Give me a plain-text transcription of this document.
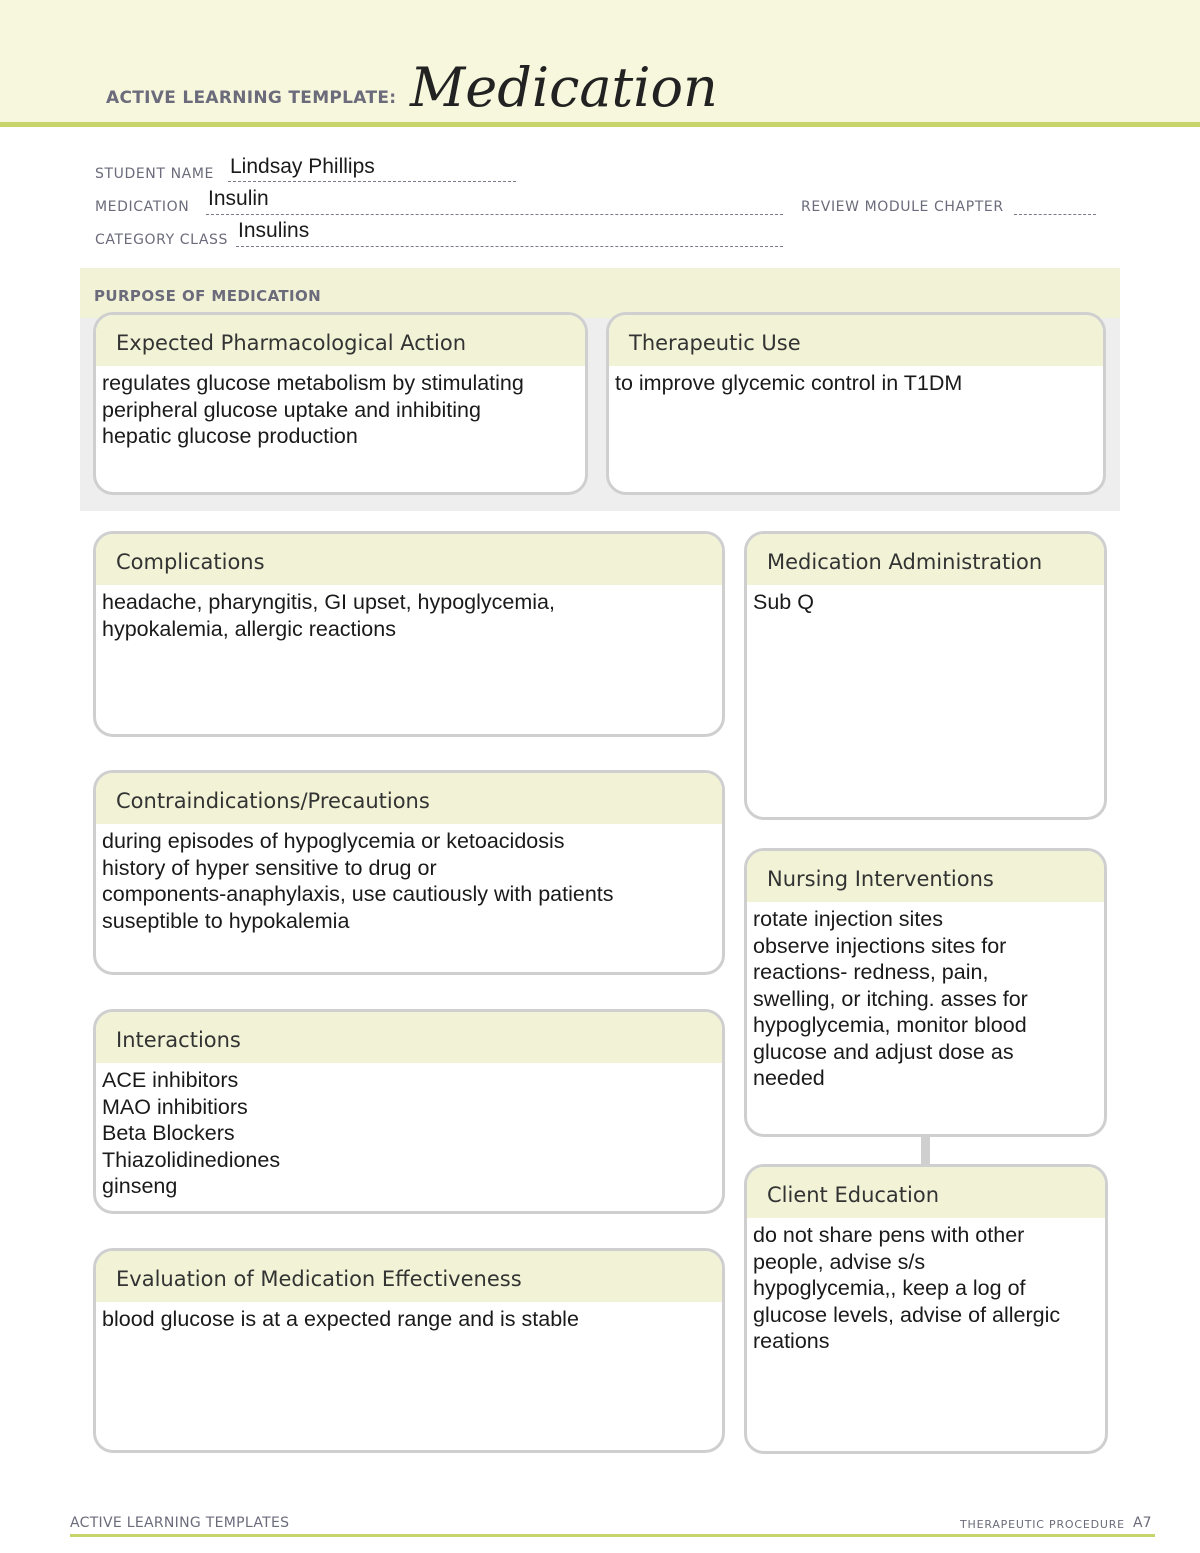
ACTIVE LEARNING TEMPLATE: Medication
STUDENT NAME Lindsay Phillips
MEDICATION Insulin	REVIEW MODULE CHAPTER
CATEGORY CLASS Insulins
PURPOSE OF MEDICATION
Expected Pharmacological Action
regulates glucose metabolism by stimulating
peripheral glucose uptake and inhibiting
hepatic glucose production
Therapeutic Use
to improve glycemic control in T1DM
Complications
headache, pharyngitis, GI upset, hypoglycemia,
hypokalemia, allergic reactions
Contraindications/Precautions
during episodes of hypoglycemia or ketoacidosis
history of hyper sensitive to drug or
components-anaphylaxis, use cautiously with patients
suseptible to hypokalemia
Interactions
ACE inhibitors
MAO inhibitiors
Beta Blockers
Thiazolidinediones
ginseng
Evaluation of Medication Effectiveness
blood glucose is at a expected range and is stable
Medication Administration
Sub Q
Nursing Interventions
rotate injection sites
observe injections sites for
reactions- redness, pain,
swelling, or itching. asses for
hypoglycemia, monitor blood
glucose and adjust dose as
needed
Client Education
do not share pens with other
people, advise s/s
hypoglycemia,, keep a log of
glucose levels, advise of allergic
reations
ACTIVE LEARNING TEMPLATES	THERAPEUTIC PROCEDURE A7
